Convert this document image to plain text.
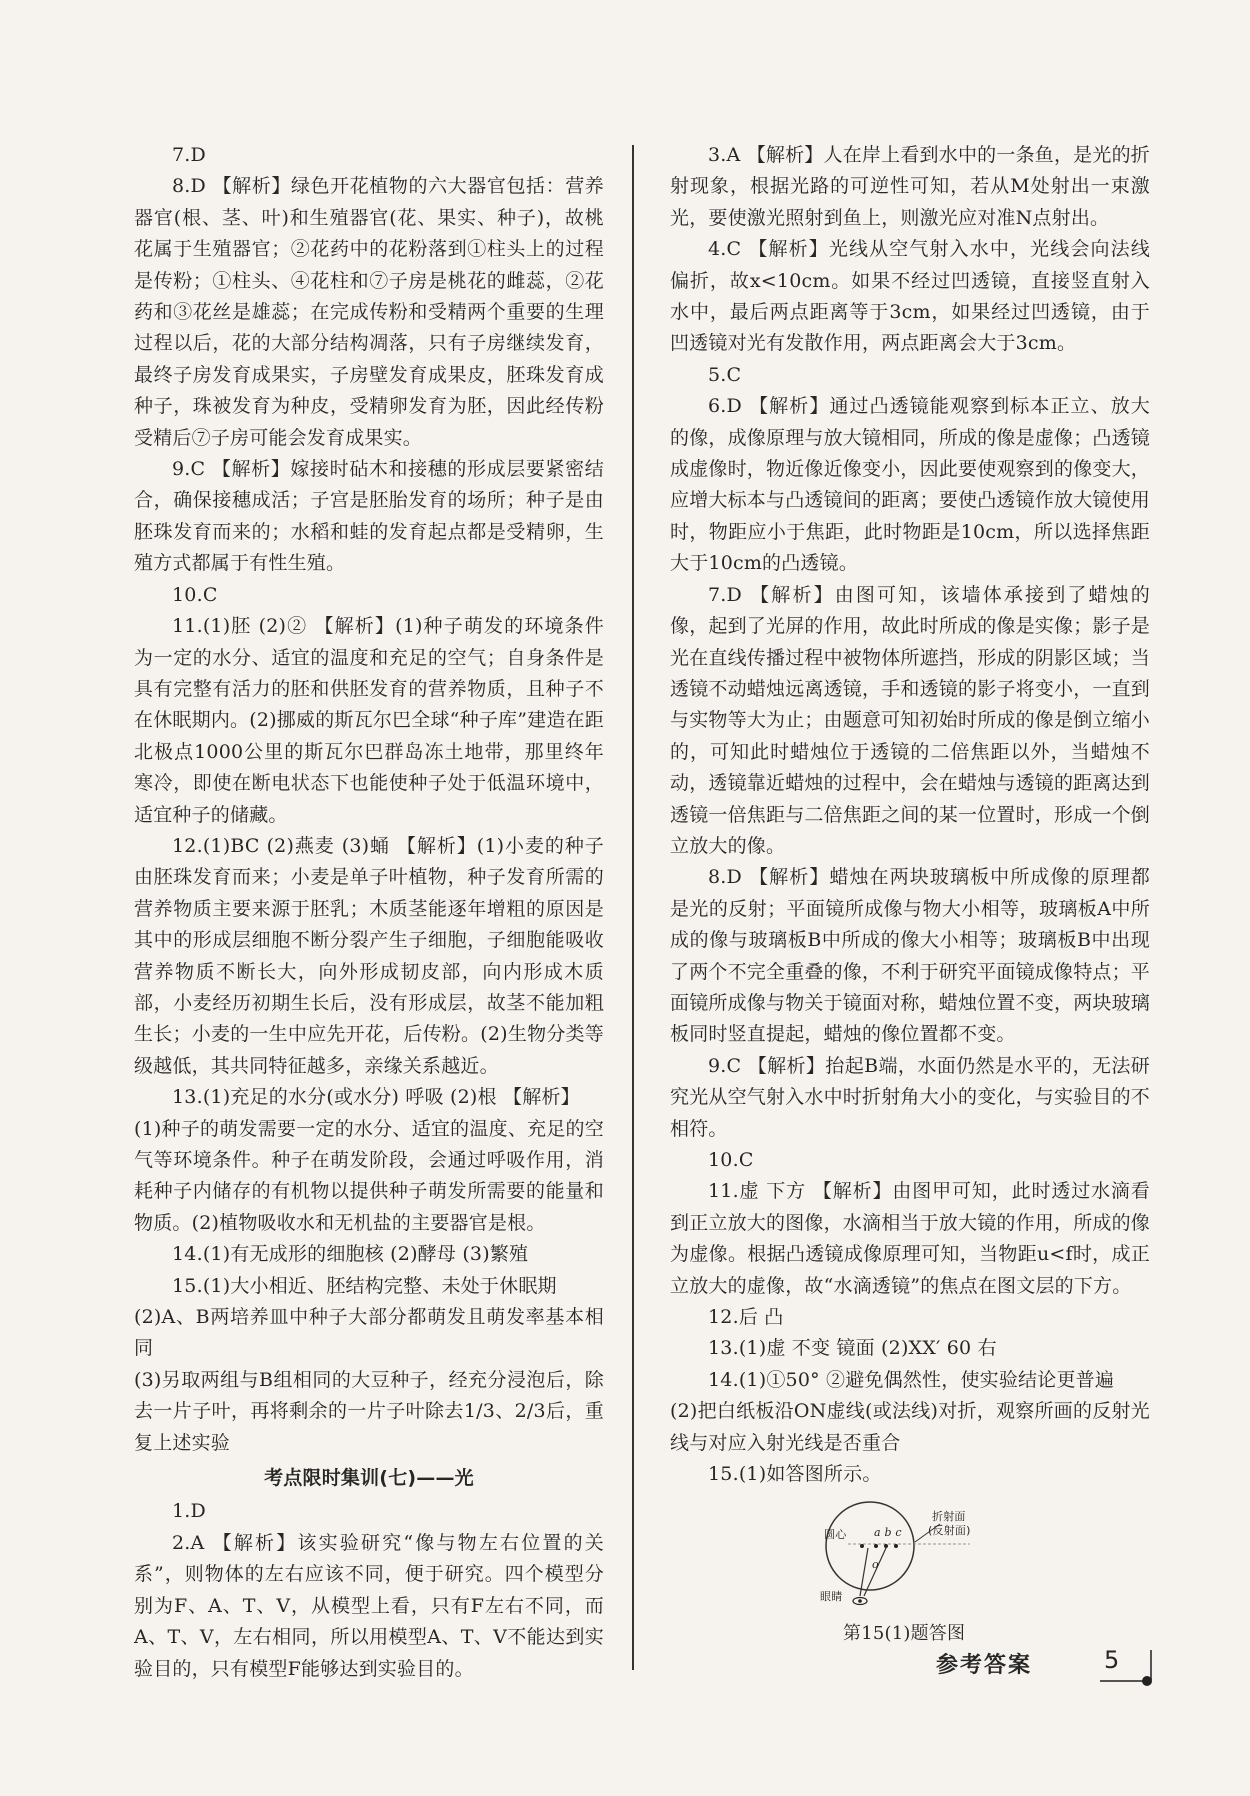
7.D

8.D 【解析】绿色开花植物的六大器官包括：营养器官(根、茎、叶)和生殖器官(花、果实、种子)，故桃花属于生殖器官；②花药中的花粉落到①柱头上的过程是传粉；①柱头、④花柱和⑦子房是桃花的雌蕊，②花药和③花丝是雄蕊；在完成传粉和受精两个重要的生理过程以后，花的大部分结构凋落，只有子房继续发育，最终子房发育成果实，子房壁发育成果皮，胚珠发育成种子，珠被发育为种皮，受精卵发育为胚，因此经传粉受精后⑦子房可能会发育成果实。

9.C 【解析】嫁接时砧木和接穗的形成层要紧密结合，确保接穗成活；子宫是胚胎发育的场所；种子是由胚珠发育而来的；水稻和蛙的发育起点都是受精卵，生殖方式都属于有性生殖。

10.C

11.(1)胚 (2)② 【解析】(1)种子萌发的环境条件为一定的水分、适宜的温度和充足的空气；自身条件是具有完整有活力的胚和供胚发育的营养物质，且种子不在休眠期内。(2)挪威的斯瓦尔巴全球“种子库”建造在距北极点1000公里的斯瓦尔巴群岛冻土地带，那里终年寒冷，即使在断电状态下也能使种子处于低温环境中，适宜种子的储藏。

12.(1)BC (2)燕麦 (3)蛹 【解析】(1)小麦的种子由胚珠发育而来；小麦是单子叶植物，种子发育所需的营养物质主要来源于胚乳；木质茎能逐年增粗的原因是其中的形成层细胞不断分裂产生子细胞，子细胞能吸收营养物质不断长大，向外形成韧皮部，向内形成木质部，小麦经历初期生长后，没有形成层，故茎不能加粗生长；小麦的一生中应先开花，后传粉。(2)生物分类等级越低，其共同特征越多，亲缘关系越近。

13.(1)充足的水分(或水分) 呼吸 (2)根 【解析】

(1)种子的萌发需要一定的水分、适宜的温度、充足的空气等环境条件。种子在萌发阶段，会通过呼吸作用，消耗种子内储存的有机物以提供种子萌发所需要的能量和物质。(2)植物吸收水和无机盐的主要器官是根。

14.(1)有无成形的细胞核 (2)酵母 (3)繁殖

15.(1)大小相近、胚结构完整、未处于休眠期

(2)A、B两培养皿中种子大部分都萌发且萌发率基本相同

(3)另取两组与B组相同的大豆种子，经充分浸泡后，除去一片子叶，再将剩余的一片子叶除去1/3、2/3后，重复上述实验

考点限时集训(七)——光

1.D

2.A 【解析】该实验研究“像与物左右位置的关系”，则物体的左右应该不同，便于研究。四个模型分别为F、A、T、V，从模型上看，只有F左右不同，而A、T、V，左右相同，所以用模型A、T、V不能达到实验目的，只有模型F能够达到实验目的。

3.A 【解析】人在岸上看到水中的一条鱼，是光的折射现象，根据光路的可逆性可知，若从M处射出一束激光，要使激光照射到鱼上，则激光应对准N点射出。

4.C 【解析】光线从空气射入水中，光线会向法线偏折，故x<10cm。如果不经过凹透镜，直接竖直射入水中，最后两点距离等于3cm，如果经过凹透镜，由于凹透镜对光有发散作用，两点距离会大于3cm。

5.C

6.D 【解析】通过凸透镜能观察到标本正立、放大的像，成像原理与放大镜相同，所成的像是虚像；凸透镜成虚像时，物近像近像变小，因此要使观察到的像变大，应增大标本与凸透镜间的距离；要使凸透镜作放大镜使用时，物距应小于焦距，此时物距是10cm，所以选择焦距大于10cm的凸透镜。

7.D 【解析】由图可知，该墙体承接到了蜡烛的像，起到了光屏的作用，故此时所成的像是实像；影子是光在直线传播过程中被物体所遮挡，形成的阴影区域；当透镜不动蜡烛远离透镜，手和透镜的影子将变小，一直到与实物等大为止；由题意可知初始时所成的像是倒立缩小的，可知此时蜡烛位于透镜的二倍焦距以外，当蜡烛不动，透镜靠近蜡烛的过程中，会在蜡烛与透镜的距离达到透镜一倍焦距与二倍焦距之间的某一位置时，形成一个倒立放大的像。

8.D 【解析】蜡烛在两块玻璃板中所成像的原理都是光的反射；平面镜所成像与物大小相等，玻璃板A中所成的像与玻璃板B中所成的像大小相等；玻璃板B中出现了两个不完全重叠的像，不利于研究平面镜成像特点；平面镜所成像与物关于镜面对称，蜡烛位置不变，两块玻璃板同时竖直提起，蜡烛的像位置都不变。

9.C 【解析】抬起B端，水面仍然是水平的，无法研究光从空气射入水中时折射角大小的变化，与实验目的不相符。

10.C

11.虚 下方 【解析】由图甲可知，此时透过水滴看到正立放大的图像，水滴相当于放大镜的作用，所成的像为虚像。根据凸透镜成像原理可知，当物距u<f时，成正立放大的虚像，故“水滴透镜”的焦点在图文层的下方。

12.后 凸

13.(1)虚 不变 镜面 (2)XX′ 60 右

14.(1)①50° ②避免偶然性，使实验结论更普遍

(2)把白纸板沿ON虚线(或法线)对折，观察所画的反射光线与对应入射光线是否重合

15.(1)如答图所示。

圆心	a b c
折射面
(反射面)
o
眼睛
第15(1)题答图
参考答案	5
